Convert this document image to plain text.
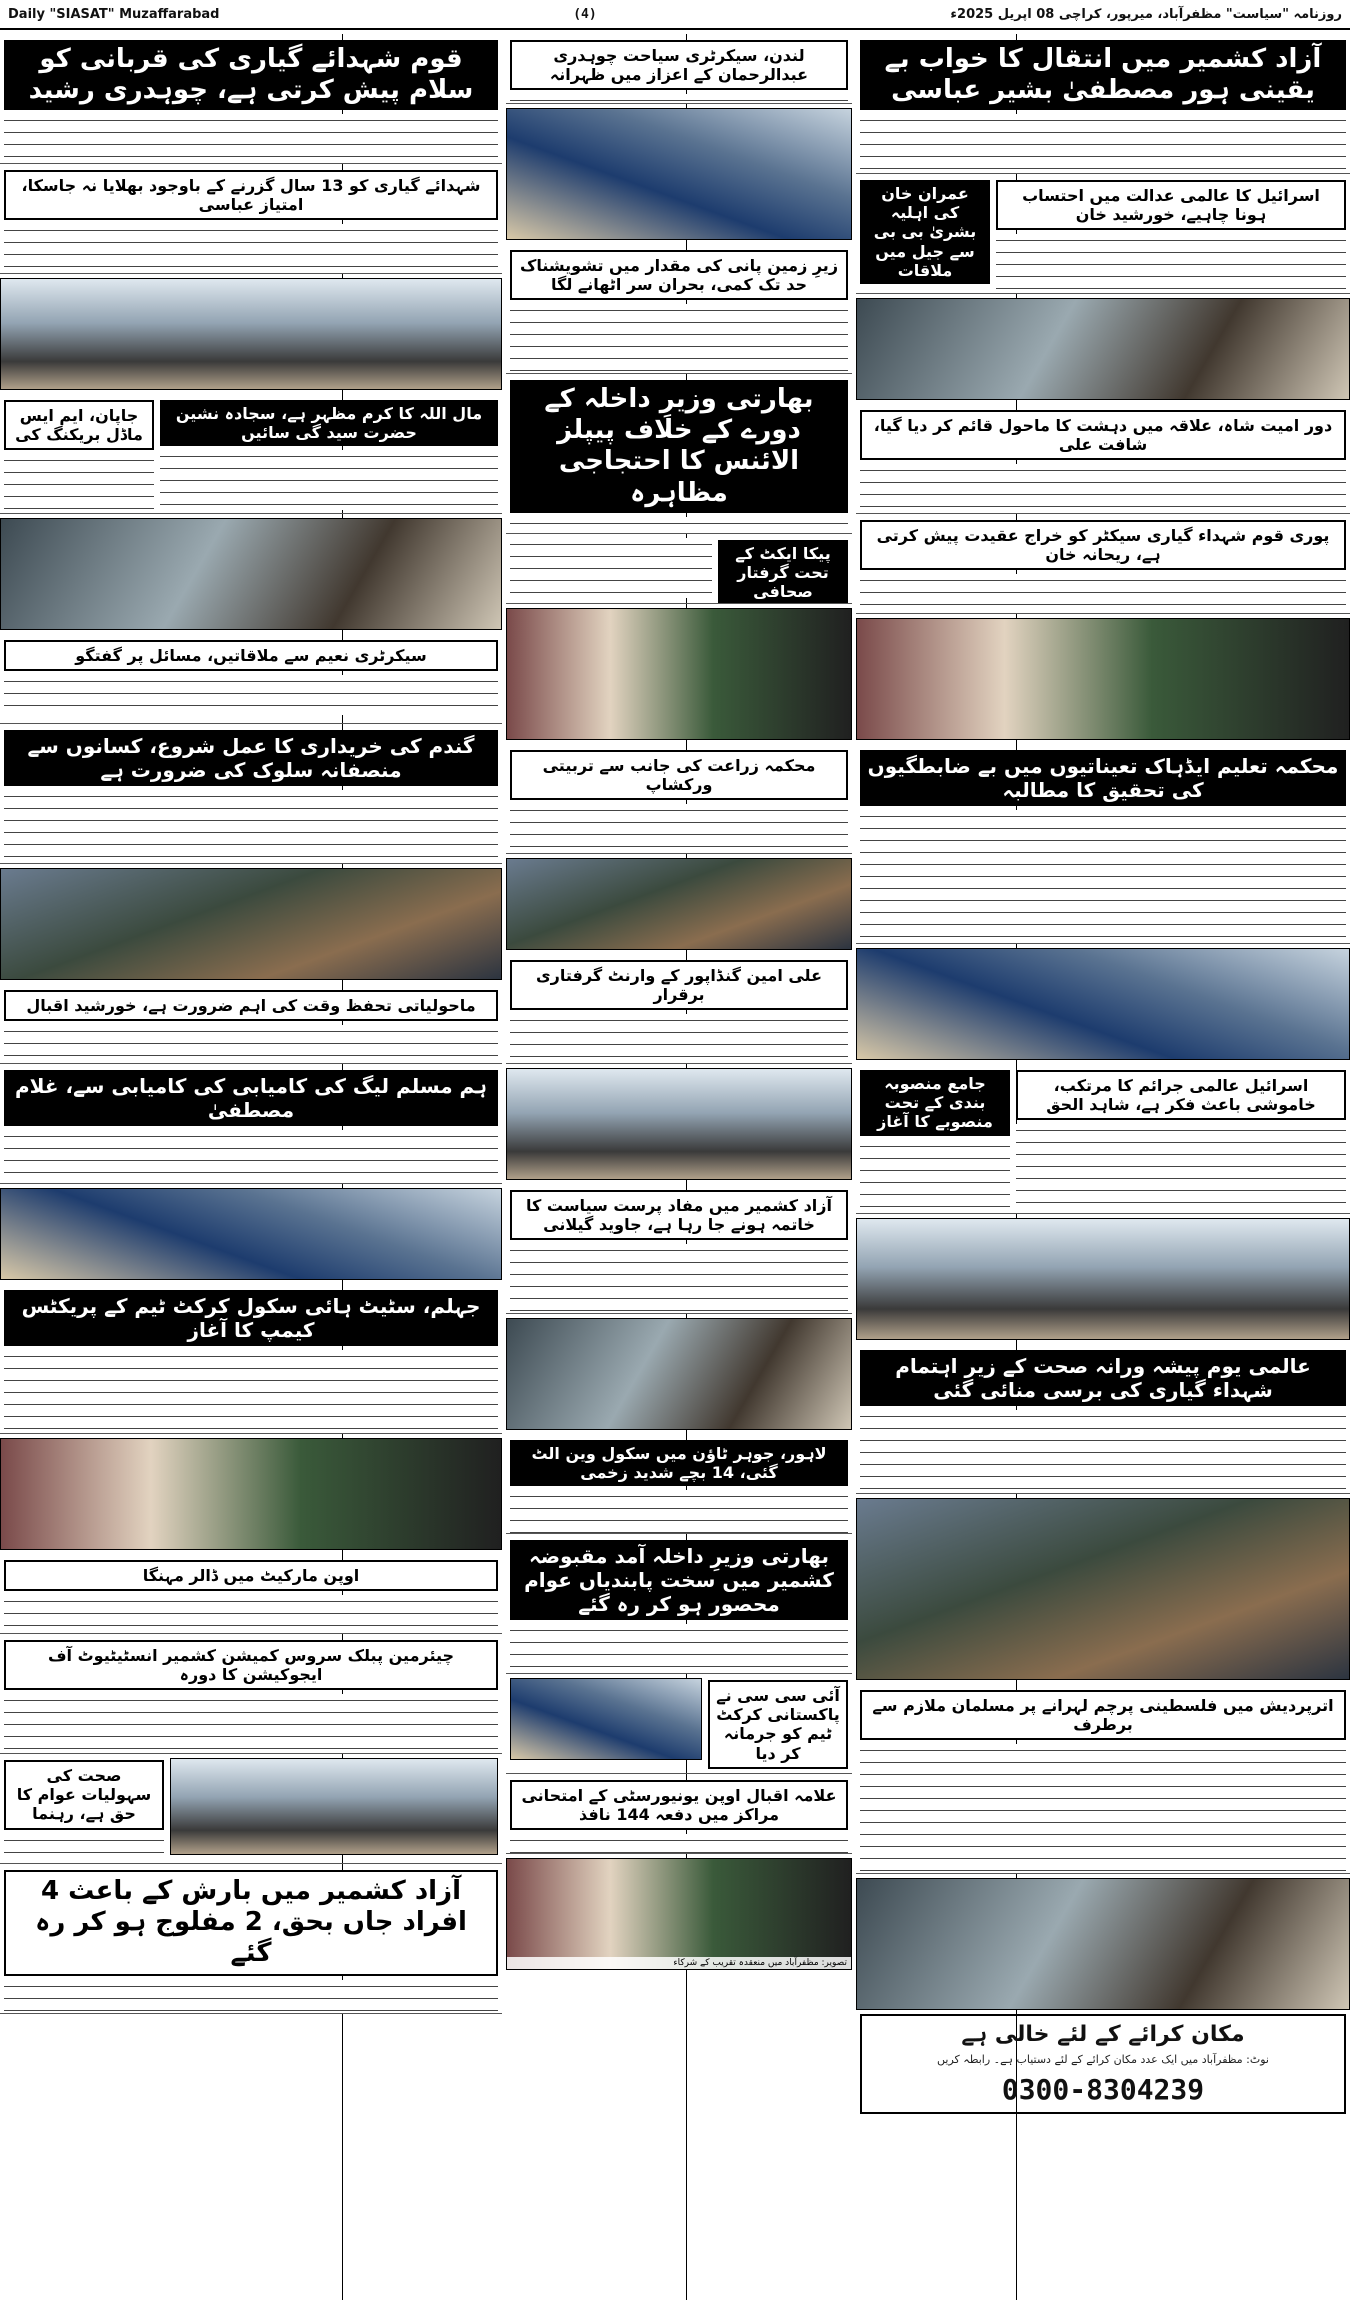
Daily "SIASAT" Muzaffarabad	(4)	روزنامہ "سیاست" مظفرآباد، میرپور، کراچی 08 اپریل 2025ء
آزاد کشمیر میں انتقال کا خواب بے یقینی ہور مصطفیٰ بشیر عباسی
اسرائیل کا عالمی عدالت میں احتساب ہونا چاہیے، خورشید خان
عمران خان کی اہلیہ بشریٰ بی بی سے جیل میں ملاقات
دور امیت شاہ، علاقہ میں دہشت کا ماحول قائم کر دیا گیا، شافت علی
پوری قوم شہداء گیاری سیکٹر کو خراج عقیدت پیش کرتی ہے، ریحانہ خان
محکمہ تعلیم ایڈہاک تعیناتیوں میں بے ضابطگیوں کی تحقیق کا مطالبہ
اسرائیل عالمی جرائم کا مرتکب، خاموشی باعث فکر ہے، شاہد الحق
جامع منصوبہ بندی کے تحت منصوبے کا آغاز
عالمی یوم پیشہ ورانہ صحت کے زیر اہتمام شہداء گیاری کی برسی منائی گئی
اترپردیش میں فلسطینی پرچم لہرانے پر مسلمان ملازم سے برطرف
مکان کرائے کے لئے خالی ہے
نوٹ: مظفرآباد میں ایک عدد مکان کرائے کے لئے دستیاب ہے۔ رابطہ کریں
0300-8304239
لندن، سیکرٹری سیاحت چوہدری عبدالرحمان کے اعزاز میں ظہرانہ
زیرِ زمین پانی کی مقدار میں تشویشناک حد تک کمی، بحران سر اٹھانے لگا
بھارتی وزیرِ داخلہ کے دورے کے خلاف پیپلز الائنس کا احتجاجی مظاہرہ
پیکا ایکٹ کے تحت گرفتار صحافی
محکمہ زراعت کی جانب سے تربیتی ورکشاپ
علی امین گنڈاپور کے وارنٹ گرفتاری برقرار
آزاد کشمیر میں مفاد پرست سیاست کا خاتمہ ہونے جا رہا ہے، جاوید گیلانی
لاہور، جوہر ٹاؤن میں سکول وین الٹ گئی، 14 بچے شدید زخمی
بھارتی وزیرِ داخلہ آمد مقبوضہ کشمیر میں سخت پابندیاں عوام محصور ہو کر رہ گئے
آئی سی سی نے پاکستانی کرکٹ ٹیم کو جرمانہ کر دیا
علامہ اقبال اوپن یونیورسٹی کے امتحانی مراکز میں دفعہ 144 نافذ
تصویر: مظفرآباد میں منعقدہ تقریب کے شرکاء
قوم شہدائے گیاری کی قربانی کو سلام پیش کرتی ہے، چوہدری رشید
شہدائے گیاری کو 13 سال گزرنے کے باوجود بھلایا نہ جاسکا، امتیاز عباسی
مال اللہ کا کرم مظہر ہے، سجادہ نشین حضرت سید گی سائیں
جاپان، ایم ایس ماڈل بریکنگ کی
سیکرٹری نعیم سے ملاقاتیں، مسائل پر گفتگو
گندم کی خریداری کا عمل شروع، کسانوں سے منصفانہ سلوک کی ضرورت ہے
ماحولیاتی تحفظ وقت کی اہم ضرورت ہے، خورشید اقبال
ہم مسلم لیگ کی کامیابی کی کامیابی سے، غلام مصطفیٰ
جہلم، سٹیٹ ہائی سکول کرکٹ ٹیم کے پریکٹس کیمپ کا آغاز
اوپن مارکیٹ میں ڈالر مہنگا
چیئرمین پبلک سروس کمیشن کشمیر انسٹیٹیوٹ آف ایجوکیشن کا دورہ
صحت کی سہولیات عوام کا حق ہے، رہنما
آزاد کشمیر میں بارش کے باعث 4 افراد جاں بحق، 2 مفلوج ہو کر رہ گئے
